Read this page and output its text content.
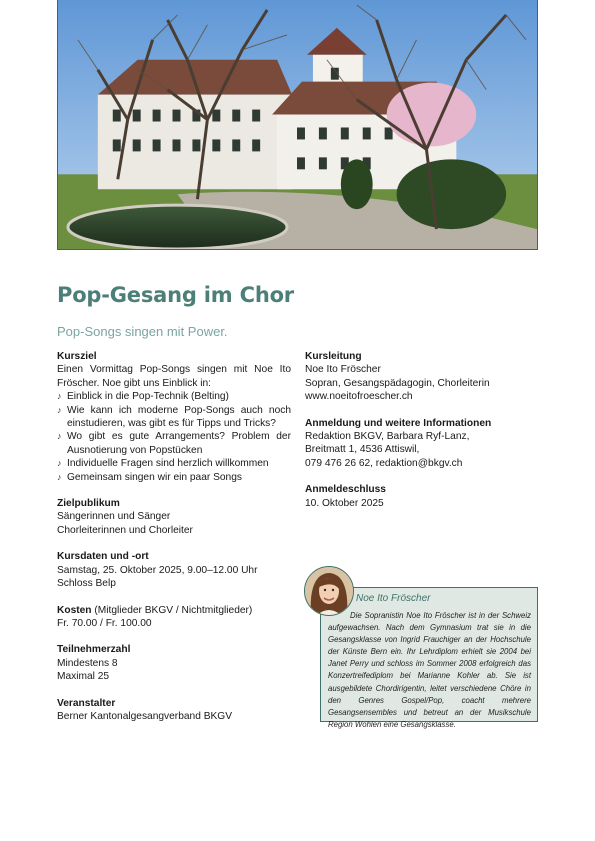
Pop-Gesang im Chor

Pop-Songs singen mit Power.

Kursziel

Einen Vormittag Pop-Songs singen mit Noe Ito Fröscher. Noe gibt uns Einblick in:

♪ Einblick in die Pop-Technik (Belting)
♪ Wie kann ich moderne Pop-Songs auch noch einstudieren, was gibt es für Tipps und Tricks?
♪ Wo gibt es gute Arrangements? Problem der Ausnotierung von Popstücken
♪ Individuelle Fragen sind herzlich willkommen
♪ Gemeinsam singen wir ein paar Songs

Zielpublikum

Sängerinnen und Sänger

Chorleiterinnen und Chorleiter

Kursdaten und -ort

Samstag, 25. Oktober 2025, 9.00–12.00 Uhr

Schloss Belp

Kosten (Mitglieder BKGV / Nichtmitglieder)

Fr. 70.00 / Fr. 100.00

Teilnehmerzahl

Mindestens 8

Maximal 25

Veranstalter

Berner Kantonalgesangverband BKGV

Kursleitung

Noe Ito Fröscher

Sopran, Gesangspädagogin, Chorleiterin

www.noeitofroescher.ch

Anmeldung und weitere Informationen

Redaktion BKGV, Barbara Ryf-Lanz,

Breitmatt 1, 4536 Attiswil,

079 476 26 62, redaktion@bkgv.ch

Anmeldeschluss

10. Oktober 2025

Noe Ito Fröscher

Die Sopranistin Noe Ito Fröscher ist in der Schweiz aufgewachsen. Nach dem Gymnasium trat sie in die Gesangsklasse von Ingrid Frauchiger an der Hochschule der Künste Bern ein. Ihr Lehrdiplom erhielt sie 2004 bei Janet Perry und schloss im Sommer 2008 erfolgreich das Konzertreifediplom bei Marianne Kohler ab. Sie ist ausgebildete Chordirigentin, leitet verschiedene Chöre in den Genres Gospel/Pop, coacht mehrere Gesangsensembles und betreut an der Musikschule Region Wohlen eine Gesangsklasse.
